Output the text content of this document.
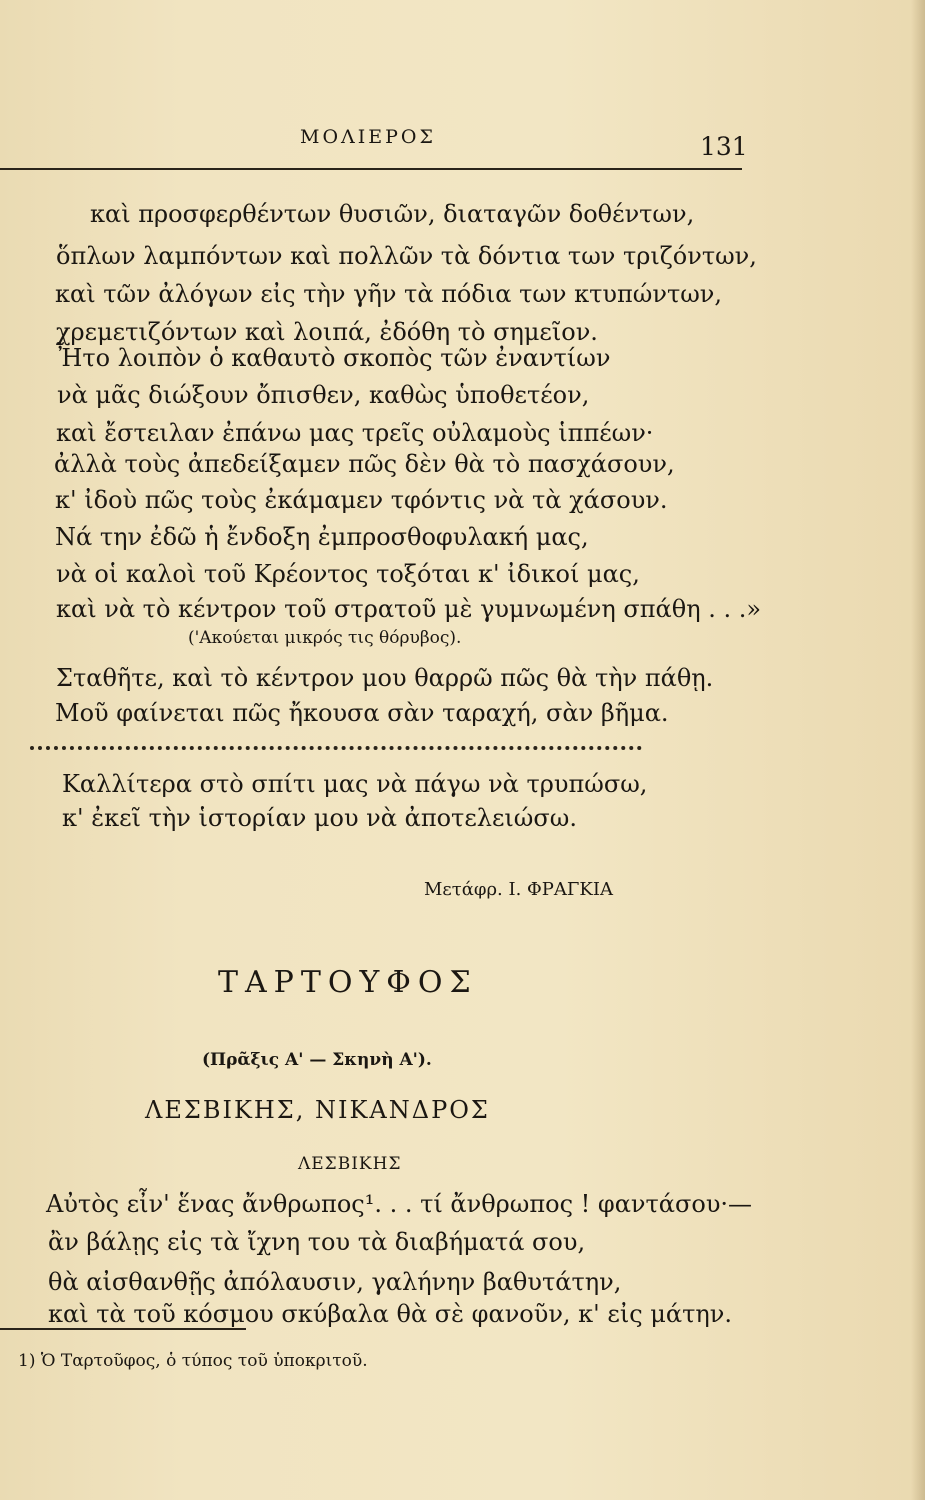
ΜΟΛΙΕΡΟΣ	131
καὶ προσφερθέντων θυσιῶν, διαταγῶν δοθέντων,
ὅπλων λαμπόντων καὶ πολλῶν τὰ δόντια των τριζόντων,
καὶ τῶν ἀλόγων εἰς τὴν γῆν τὰ πόδια των κτυπώντων,
χρεμετιζόντων καὶ λοιπά, ἐδόθη τὸ σημεῖον.
Ἦτο λοιπὸν ὁ καθαυτὸ σκοπὸς τῶν ἐναντίων
νὰ μᾶς διώξουν ὄπισθεν, καθὼς ὑποθετέον,
καὶ ἔστειλαν ἐπάνω μας τρεῖς οὐλαμοὺς ἱππέων·
ἀλλὰ τοὺς ἀπεδείξαμεν πῶς δὲν θὰ τὸ πασχάσουν,
κ' ἰδοὺ πῶς τοὺς ἐκάμαμεν τφόντις νὰ τὰ χάσουν.
Νά την ἐδῶ ἡ ἔνδοξη ἐμπροσθοφυλακή μας,
νὰ οἱ καλοὶ τοῦ Κρέοντος τοξόται κ' ἰδικοί μας,
καὶ νὰ τὸ κέντρον τοῦ στρατοῦ μὲ γυμνωμένη σπάθη . . .»
('Ακούεται μικρός τις θόρυβος).
Σταθῆτε, καὶ τὸ κέντρον μου θαρρῶ πῶς θὰ τὴν πάθῃ.
Μοῦ φαίνεται πῶς ἤκουσα σὰν ταραχή, σὰν βῆμα.
Καλλίτερα στὸ σπίτι μας νὰ πάγω νὰ τρυπώσω,
κ' ἐκεῖ τὴν ἱστορίαν μου νὰ ἀποτελειώσω.
Μετάφρ. Ι. ΦΡΑΓΚΙΑ
ΤΑΡΤΟΥΦΟΣ
(Πρᾶξις Α' — Σκηνὴ Α').
ΛΕΣΒΙΚΗΣ, ΝΙΚΑΝΔΡΟΣ
ΛΕΣΒΙΚΗΣ
Αὐτὸς εἶν' ἕνας ἄνθρωπος¹. . . τί ἄνθρωπος ! φαντάσου·—
ἂν βάλῃς εἰς τὰ ἴχνη του τὰ διαβήματά σου,
θὰ αἰσθανθῇς ἀπόλαυσιν, γαλήνην βαθυτάτην,
καὶ τὰ τοῦ κόσμου σκύβαλα θὰ σὲ φανοῦν, κ' εἰς μάτην.
1) Ὁ Ταρτοῦφος, ὁ τύπος τοῦ ὑποκριτοῦ.
